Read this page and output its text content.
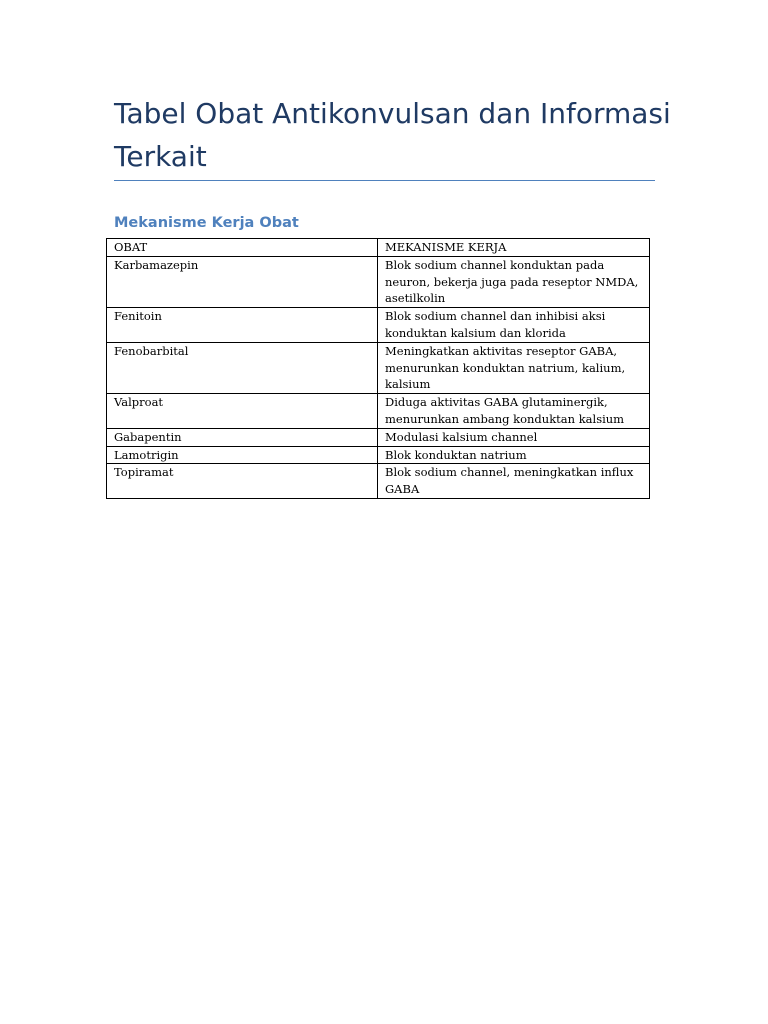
Tabel Obat Antikonvulsan dan Informasi Terkait
Mekanisme Kerja Obat
OBAT	MEKANISME KERJA
Karbamazepin	Blok sodium channel konduktan pada neuron, bekerja juga pada reseptor NMDA, asetilkolin
Fenitoin	Blok sodium channel dan inhibisi aksi konduktan kalsium dan klorida
Fenobarbital	Meningkatkan aktivitas reseptor GABA, menurunkan konduktan natrium, kalium, kalsium
Valproat	Diduga aktivitas GABA glutaminergik, menurunkan ambang konduktan kalsium
Gabapentin	Modulasi kalsium channel
Lamotrigin	Blok konduktan natrium
Topiramat	Blok sodium channel, meningkatkan influx GABA
